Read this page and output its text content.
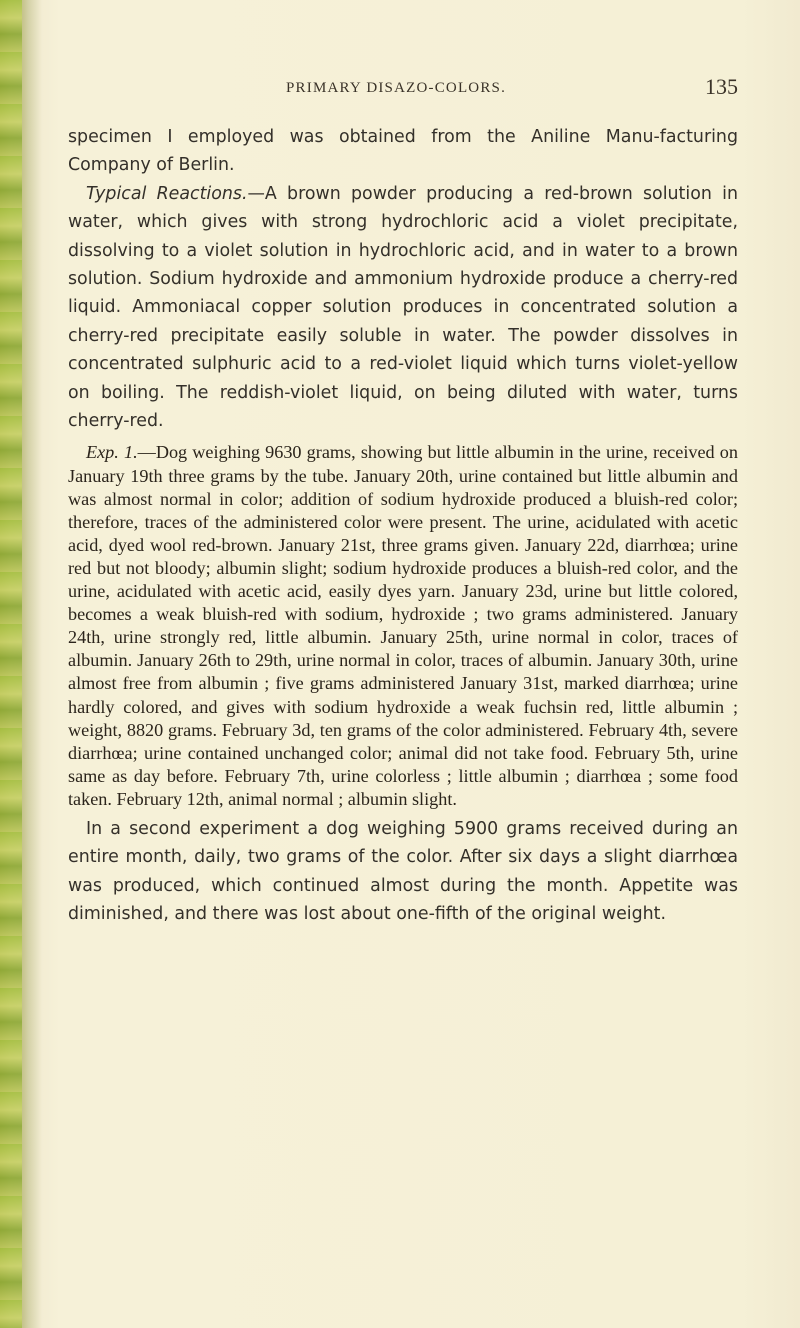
PRIMARY DISAZO-COLORS.	135

specimen I employed was obtained from the Aniline Manu-facturing Company of Berlin.

Typical Reactions.—A brown powder producing a red-brown solution in water, which gives with strong hydrochloric acid a violet precipitate, dissolving to a violet solution in hydrochloric acid, and in water to a brown solution. Sodium hydroxide and ammonium hydroxide produce a cherry-red liquid. Ammoniacal copper solution produces in concentrated solution a cherry-red precipitate easily soluble in water. The powder dissolves in concentrated sulphuric acid to a red-violet liquid which turns violet-yellow on boiling. The reddish-violet liquid, on being diluted with water, turns cherry-red.

Exp. 1.—Dog weighing 9630 grams, showing but little albumin in the urine, received on January 19th three grams by the tube. January 20th, urine contained but little albumin and was almost normal in color; addition of sodium hydroxide produced a bluish-red color; therefore, traces of the administered color were present. The urine, acidulated with acetic acid, dyed wool red-brown. January 21st, three grams given. January 22d, diarrhœa; urine red but not bloody; albumin slight; sodium hydroxide produces a bluish-red color, and the urine, acidulated with acetic acid, easily dyes yarn. January 23d, urine but little colored, becomes a weak bluish-red with sodium, hydroxide ; two grams administered. January 24th, urine strongly red, little albumin. January 25th, urine normal in color, traces of albumin. January 26th to 29th, urine normal in color, traces of albumin. January 30th, urine almost free from albumin ; five grams administered January 31st, marked diarrhœa; urine hardly colored, and gives with sodium hydroxide a weak fuchsin red, little albumin ; weight, 8820 grams. February 3d, ten grams of the color administered. February 4th, severe diarrhœa; urine contained unchanged color; animal did not take food. February 5th, urine same as day before. February 7th, urine colorless ; little albumin ; diarrhœa ; some food taken. February 12th, animal normal ; albumin slight.

In a second experiment a dog weighing 5900 grams received during an entire month, daily, two grams of the color. After six days a slight diarrhœa was produced, which continued almost during the month. Appetite was diminished, and there was lost about one-fifth of the original weight.
